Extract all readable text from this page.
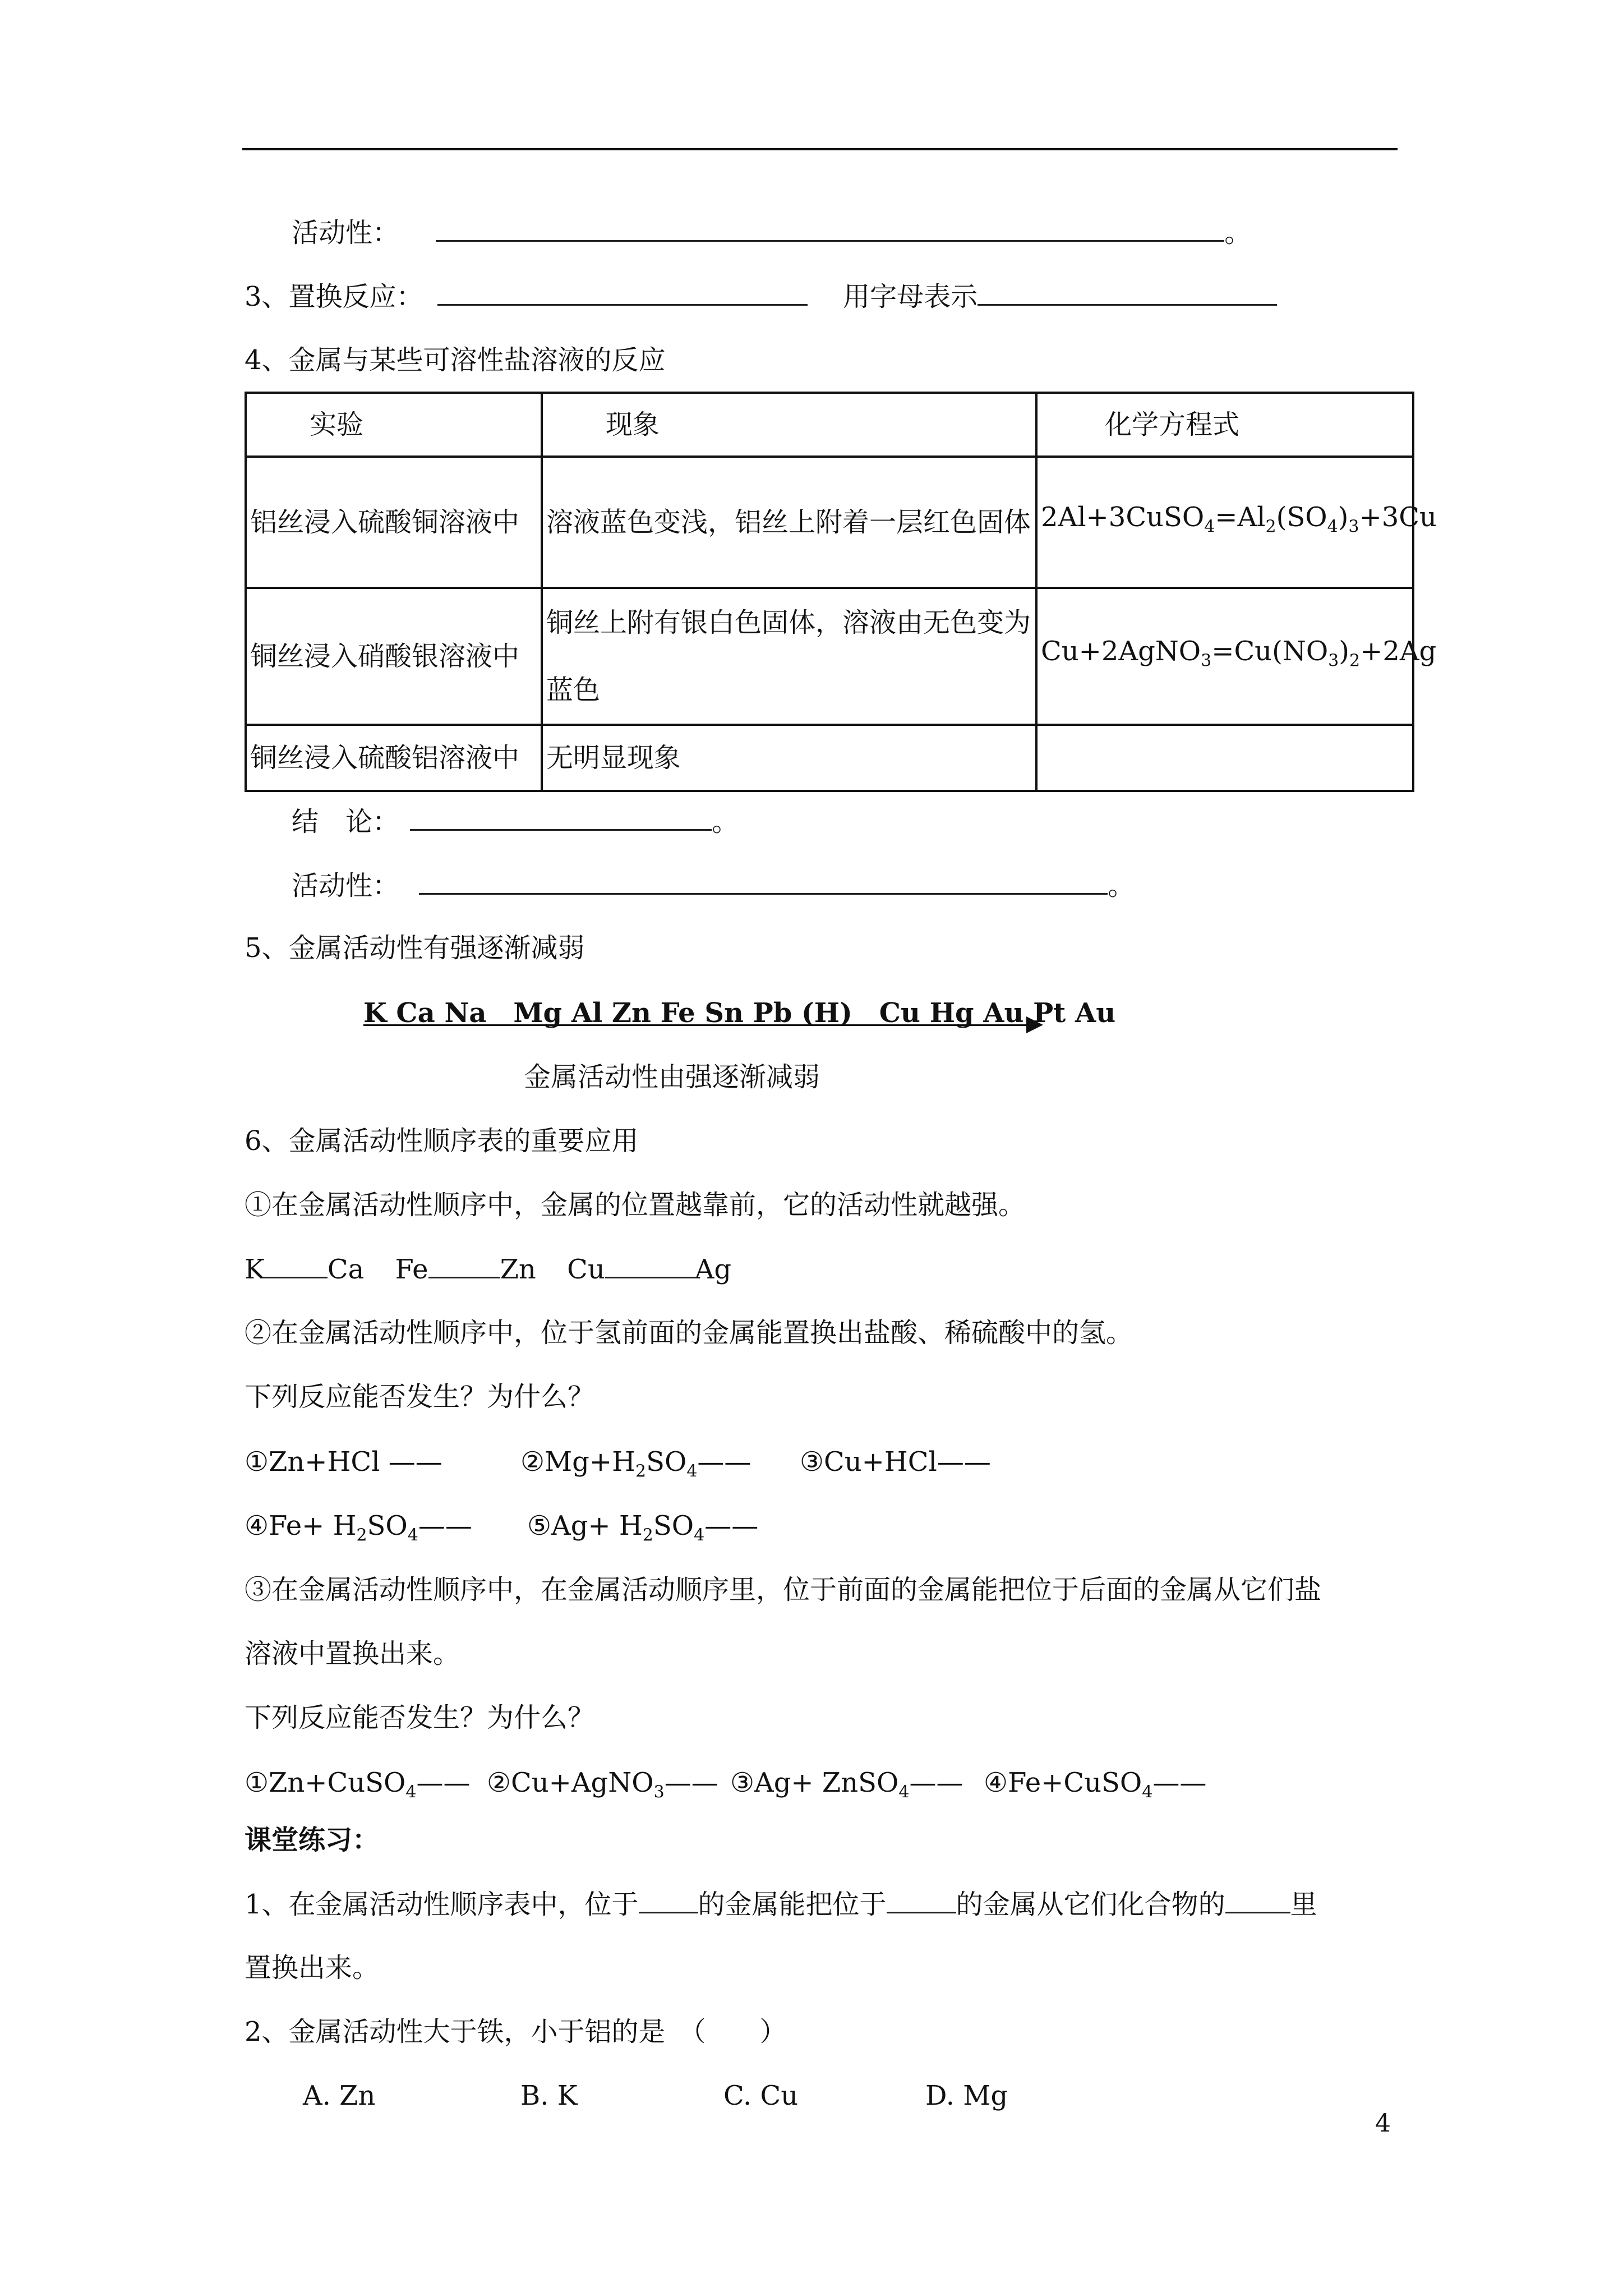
活动性：	。
3、置换反应：	用字母表示
4、金属与某些可溶性盐溶液的反应
实验	现象	化学方程式
铝丝浸入硫酸铜溶液中	溶液蓝色变浅，铝丝上附着一层红色固体	$2Al+3CuSO_4=Al_2(SO_4)_3+3Cu$
铜丝浸入硝酸银溶液中	铜丝上附有银白色固体，溶液由无色变为蓝色	$Cu+2AgNO_3=Cu(NO_3)_2+2Ag$
铜丝浸入硫酸铝溶液中	无明显现象	
结　论：	。
活动性：	。
5、金属活动性有强逐渐减弱
K Ca Na　Mg Al Zn Fe Sn Pb (H)　Cu Hg Au Pt Au
金属活动性由强逐渐减弱
6、金属活动性顺序表的重要应用
①在金属活动性顺序中，金属的位置越靠前，它的活动性就越强。
K Ca Fe	Zn Cu	Ag
②在金属活动性顺序中，位于氢前面的金属能置换出盐酸、稀硫酸中的氢。
下列反应能否发生？为什么？
①Zn+HCl ——	$②Mg+H_2SO_4——$ ③Cu+HCl——
④Fe+ $H_2SO_4——$ ⑤Ag+ $H_2SO_4——$
③在金属活动性顺序中，在金属活动顺序里，位于前面的金属能把位于后面的金属从它们盐
溶液中置换出来。
下列反应能否发生？为什么？
①Zn+CuSO$_4$—— ②Cu+AgNO$_3$—— ③Ag+ ZnSO$_4$—— ④Fe+CuSO$_4$——
课堂练习：
1、在金属活动性顺序表中，位于 的金属能把位于	的金属从它们化合物的 里
置换出来。
2、金属活动性大于铁，小于铝的是　（　　）
A. Zn	B. K	C. Cu	D. Mg
4
